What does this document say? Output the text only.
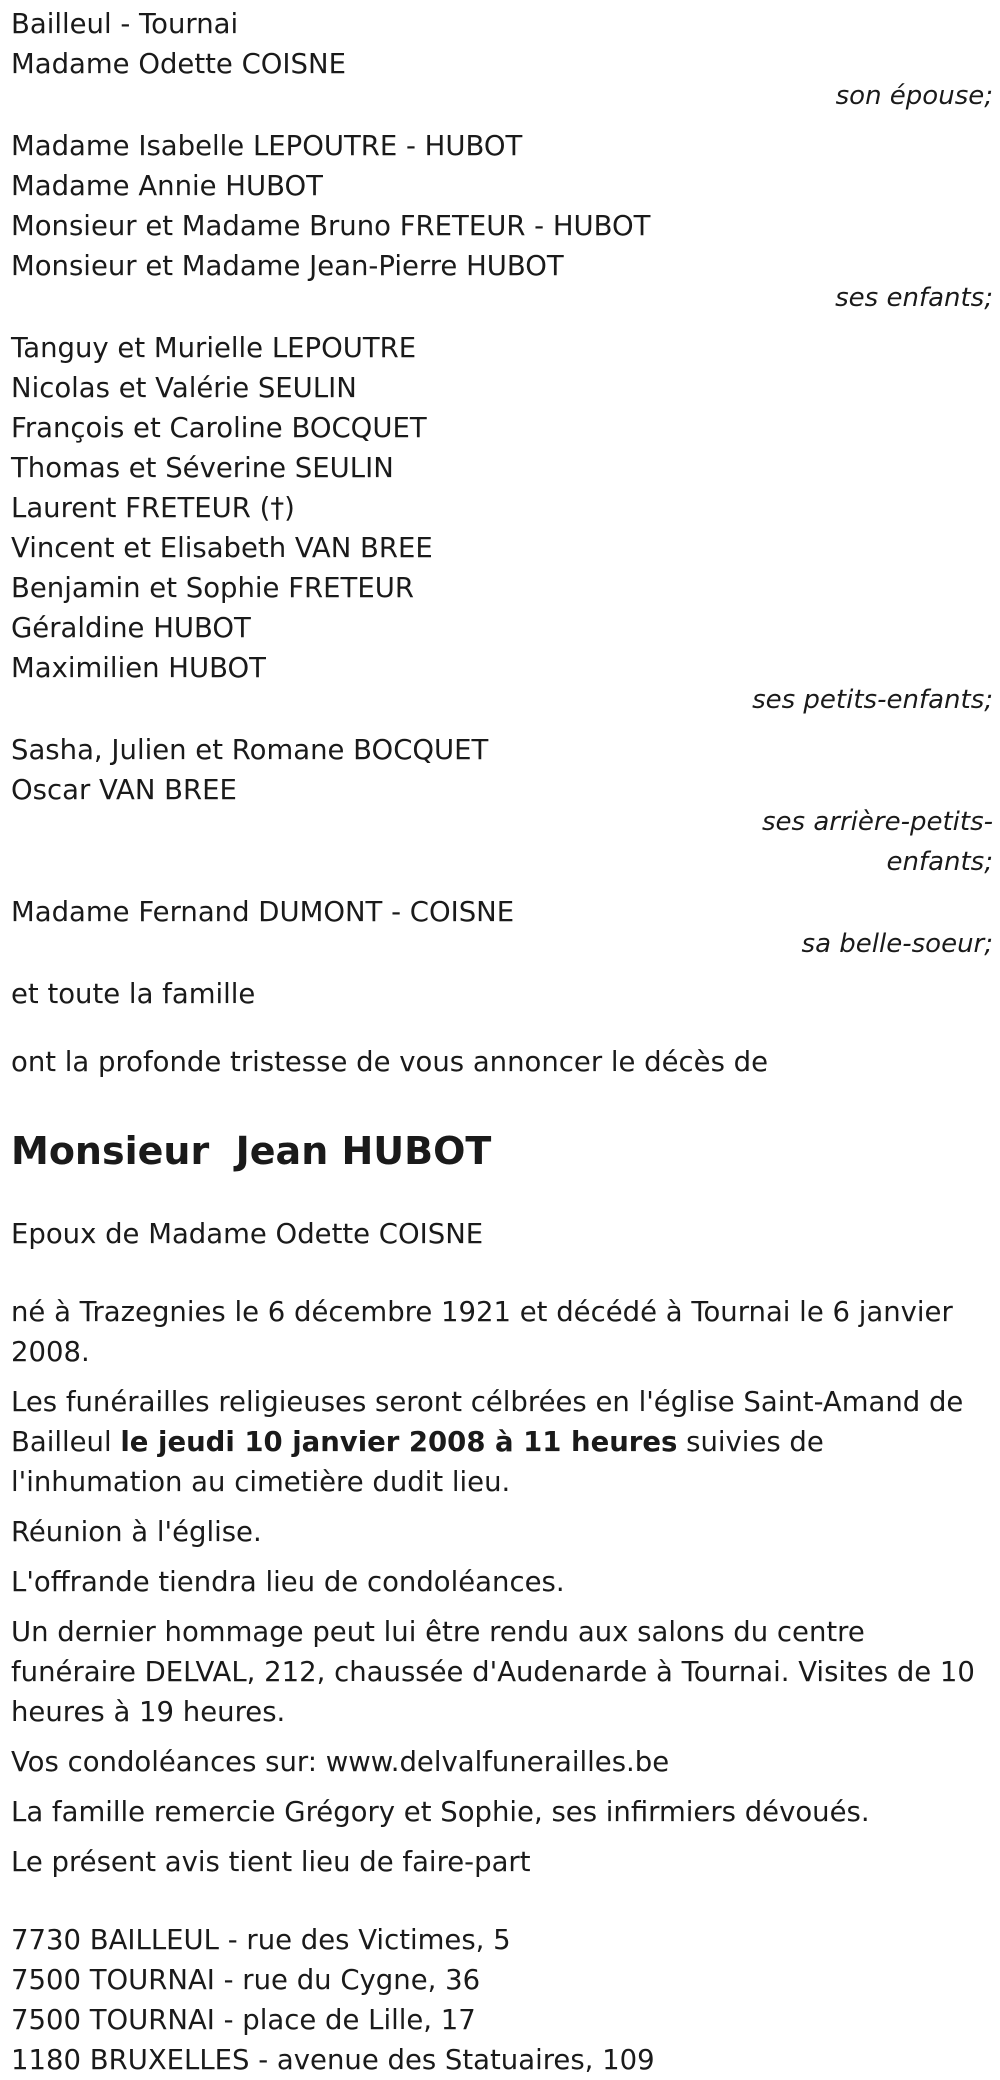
Bailleul - Tournai
Madame Odette COISNE
son épouse;
Madame Isabelle LEPOUTRE - HUBOT
Madame Annie HUBOT
Monsieur et Madame Bruno FRETEUR - HUBOT
Monsieur et Madame Jean-Pierre HUBOT
ses enfants;
Tanguy et Murielle LEPOUTRE
Nicolas et Valérie SEULIN
François et Caroline BOCQUET
Thomas et Séverine SEULIN
Laurent FRETEUR (†)
Vincent et Elisabeth VAN BREE
Benjamin et Sophie FRETEUR
Géraldine HUBOT
Maximilien HUBOT
ses petits-enfants;
Sasha, Julien et Romane BOCQUET
Oscar VAN BREE
ses arrière-petits-
enfants;
Madame Fernand DUMONT - COISNE
sa belle-soeur;
et toute la famille
ont la profonde tristesse de vous annoncer le décès de
Monsieur  Jean HUBOT
Epoux de Madame Odette COISNE
né à Trazegnies le 6 décembre 1921 et décédé à Tournai le 6 janvier 2008.
Les funérailles religieuses seront célbrées en l'église Saint-Amand de Bailleul le jeudi 10 janvier 2008 à 11 heures suivies de l'inhumation au cimetière dudit lieu.
Réunion à l'église.
L'offrande tiendra lieu de condoléances.
Un dernier hommage peut lui être rendu aux salons du centre funéraire DELVAL, 212, chaussée d'Audenarde à Tournai. Visites de 10 heures à 19 heures.
Vos condoléances sur: www.delvalfunerailles.be
La famille remercie Grégory et Sophie, ses infirmiers dévoués.
Le présent avis tient lieu de faire-part
7730 BAILLEUL - rue des Victimes, 5
7500 TOURNAI - rue du Cygne, 36
7500 TOURNAI - place de Lille, 17
1180 BRUXELLES - avenue des Statuaires, 109
